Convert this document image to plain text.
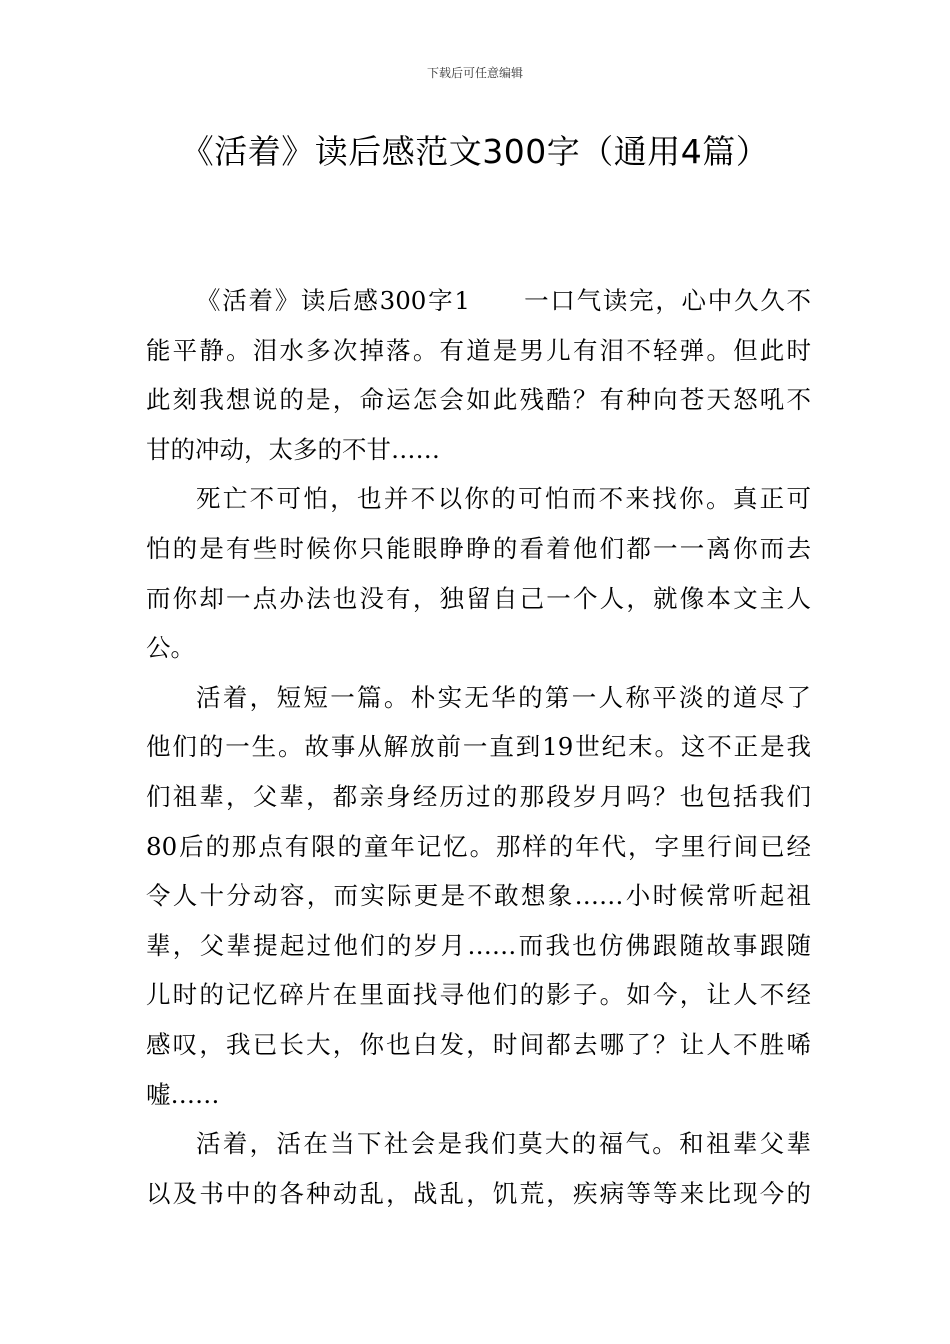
下载后可任意编辑
《活着》读后感范文300字（通用4篇）
《活着》读后感300字1　　一口气读完，心中久久不
能平静。泪水多次掉落。有道是男儿有泪不轻弹。但此时
此刻我想说的是，命运怎会如此残酷？有种向苍天怒吼不
甘的冲动，太多的不甘……
死亡不可怕，也并不以你的可怕而不来找你。真正可
怕的是有些时候你只能眼睁睁的看着他们都一一离你而去
而你却一点办法也没有，独留自己一个人，就像本文主人
公。
活着，短短一篇。朴实无华的第一人称平淡的道尽了
他们的一生。故事从解放前一直到19世纪末。这不正是我
们祖辈，父辈，都亲身经历过的那段岁月吗？也包括我们
80后的那点有限的童年记忆。那样的年代，字里行间已经
令人十分动容，而实际更是不敢想象……小时候常听起祖
辈，父辈提起过他们的岁月……而我也仿佛跟随故事跟随
儿时的记忆碎片在里面找寻他们的影子。如今，让人不经
感叹，我已长大，你也白发，时间都去哪了？让人不胜唏
嘘……
活着，活在当下社会是我们莫大的福气。和祖辈父辈
以及书中的各种动乱，战乱，饥荒，疾病等等来比现今的
